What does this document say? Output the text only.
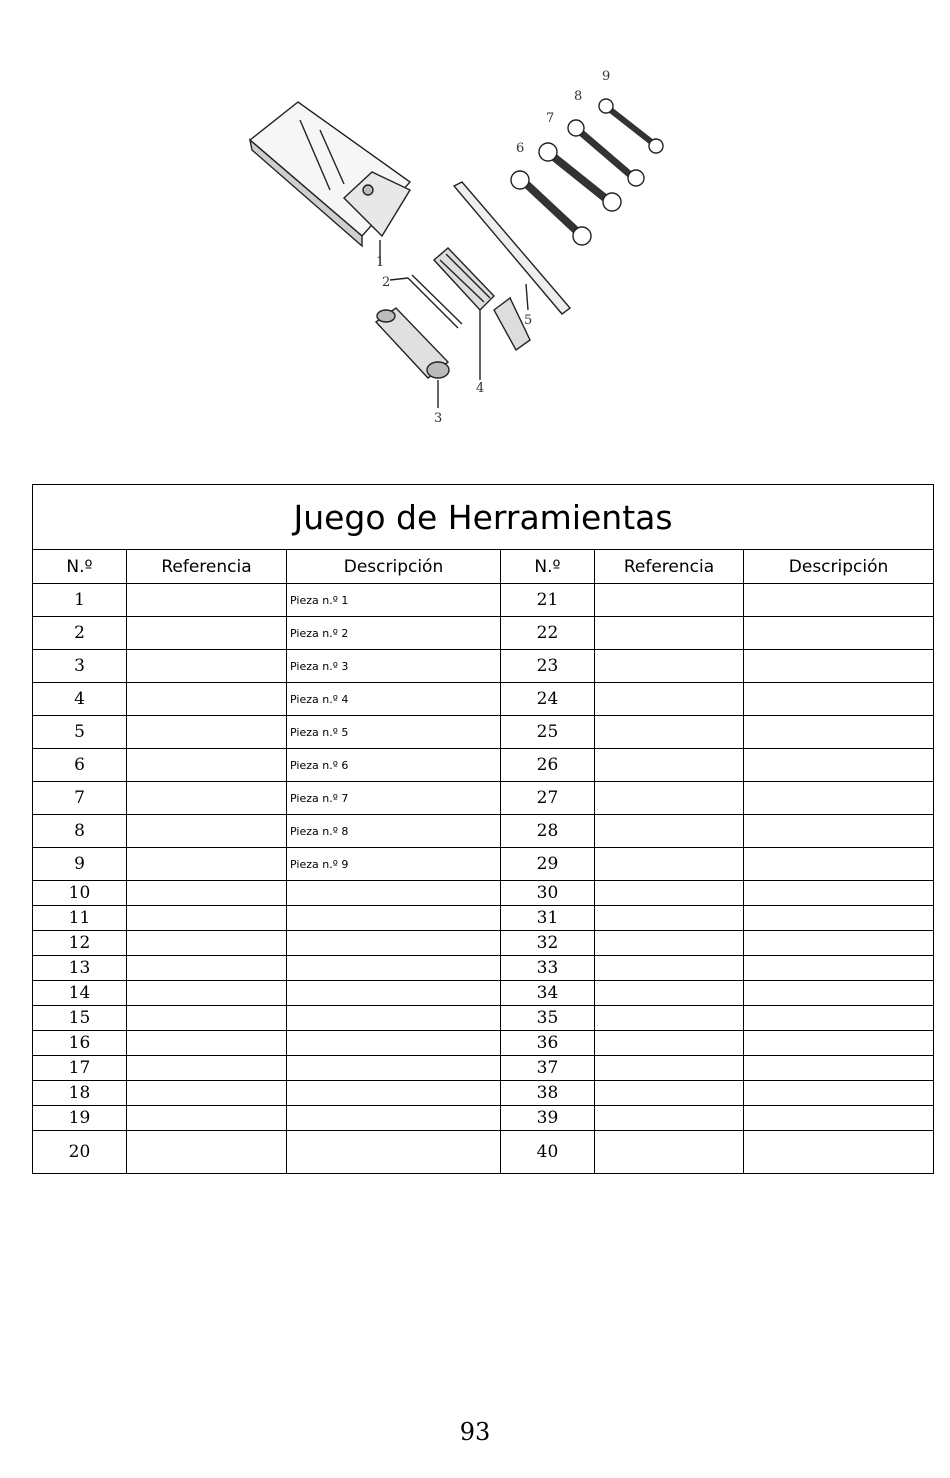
1
2
3
4
5
6
7
8
9
Juego de Herramientas					
N.º	Referencia	Descripción	N.º	Referencia	Descripción
1		Pieza n.º 1	21		
2		Pieza n.º 2	22		
3		Pieza n.º 3	23		
4		Pieza n.º 4	24		
5		Pieza n.º 5	25		
6		Pieza n.º 6	26		
7		Pieza n.º 7	27		
8		Pieza n.º 8	28		
9		Pieza n.º 9	29		
10			30		
11			31		
12			32		
13			33		
14			34		
15			35		
16			36		
17			37		
18			38		
19			39		
20			40		
93
